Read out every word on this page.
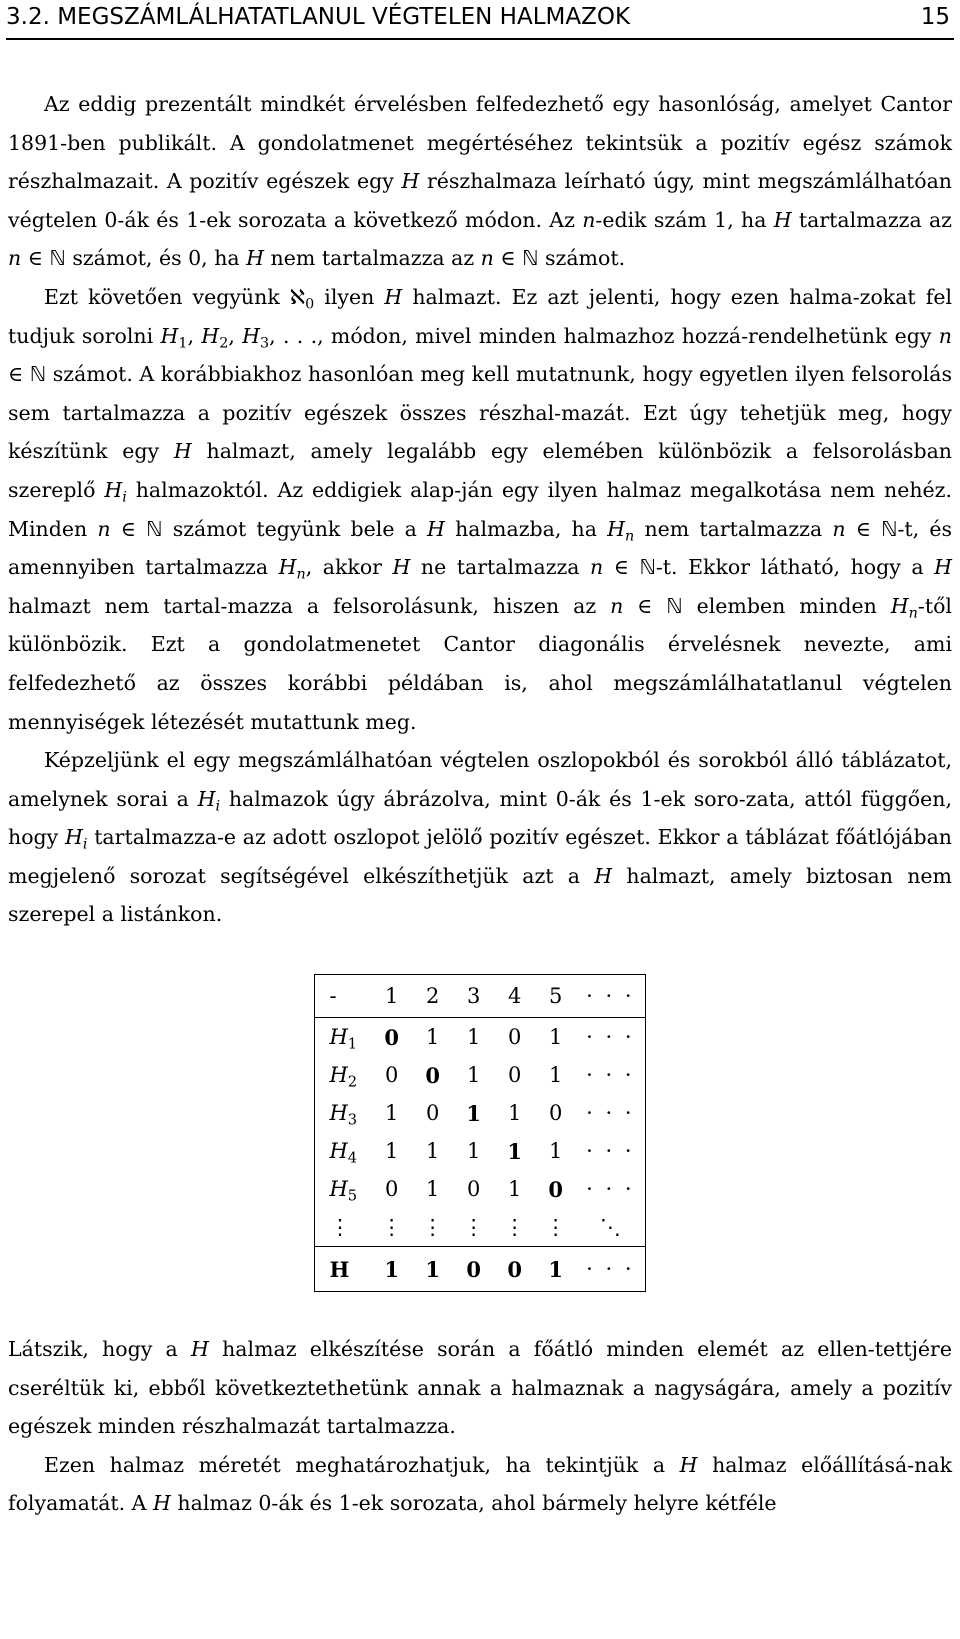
3.2. MEGSZÁMLÁLHATATLANUL VÉGTELEN HALMAZOK	15

Az eddig prezentált mindkét érvelésben felfedezhető egy hasonlóság, amelyet Cantor 1891-ben publikált. A gondolatmenet megértéséhez tekintsük a pozitív egész számok részhalmazait. A pozitív egészek egy H részhalmaza leírható úgy, mint megszámlálhatóan végtelen 0-ák és 1-ek sorozata a következő módon. Az n-edik szám 1, ha H tartalmazza az n ∈ ℕ számot, és 0, ha H nem tartalmazza az n ∈ ℕ számot.

Ezt követően vegyünk ℵ$_0$ ilyen H halmazt. Ez azt jelenti, hogy ezen halma-zokat fel tudjuk sorolni $H_1$, $H_2$, $H_3$, . . ., módon, mivel minden halmazhoz hozzá-rendelhetünk egy n ∈ ℕ számot. A korábbiakhoz hasonlóan meg kell mutatnunk, hogy egyetlen ilyen felsorolás sem tartalmazza a pozitív egészek összes részhal-mazát. Ezt úgy tehetjük meg, hogy készítünk egy H halmazt, amely legalább egy elemében különbözik a felsorolásban szereplő $H_i$ halmazoktól. Az eddigiek alap-ján egy ilyen halmaz megalkotása nem nehéz. Minden n ∈ ℕ számot tegyünk bele a H halmazba, ha $H_n$ nem tartalmazza n ∈ ℕ-t, és amennyiben tartalmazza $H_n$, akkor H ne tartalmazza n ∈ ℕ-t. Ekkor látható, hogy a H halmazt nem tartal-mazza a felsorolásunk, hiszen az n ∈ ℕ elemben minden $H_n$-től különbözik. Ezt a gondolatmenetet Cantor diagonális érvelésnek nevezte, ami felfedezhető az összes korábbi példában is, ahol megszámlálhatatlanul végtelen mennyiségek létezését mutattunk meg.

Képzeljünk el egy megszámlálhatóan végtelen oszlopokból és sorokból álló táblázatot, amelynek sorai a $H_i$ halmazok úgy ábrázolva, mint 0-ák és 1-ek soro-zata, attól függően, hogy $H_i$ tartalmazza-e az adott oszlopot jelölő pozitív egészet. Ekkor a táblázat főátlójában megjelenő sorozat segítségével elkészíthetjük azt a H halmazt, amely biztosan nem szerepel a listánkon.

-	1	2	3	4	5	· · ·
$H_1$	0	1	1	0	1	· · ·
$H_2$	0	0	1	0	1	· · ·
$H_3$	1	0	1	1	0	· · ·
$H_4$	1	1	1	1	1	· · ·
$H_5$	0	1	0	1	0	· · ·
⋮	⋮	⋮	⋮	⋮	⋮	⋱
H	1	1	0	0	1	· · ·

Látszik, hogy a H halmaz elkészítése során a főátló minden elemét az ellen-tettjére cseréltük ki, ebből következtethetünk annak a halmaznak a nagyságára, amely a pozitív egészek minden részhalmazát tartalmazza.

Ezen halmaz méretét meghatározhatjuk, ha tekintjük a H halmaz előállításá-nak folyamatát. A H halmaz 0-ák és 1-ek sorozata, ahol bármely helyre kétféle
